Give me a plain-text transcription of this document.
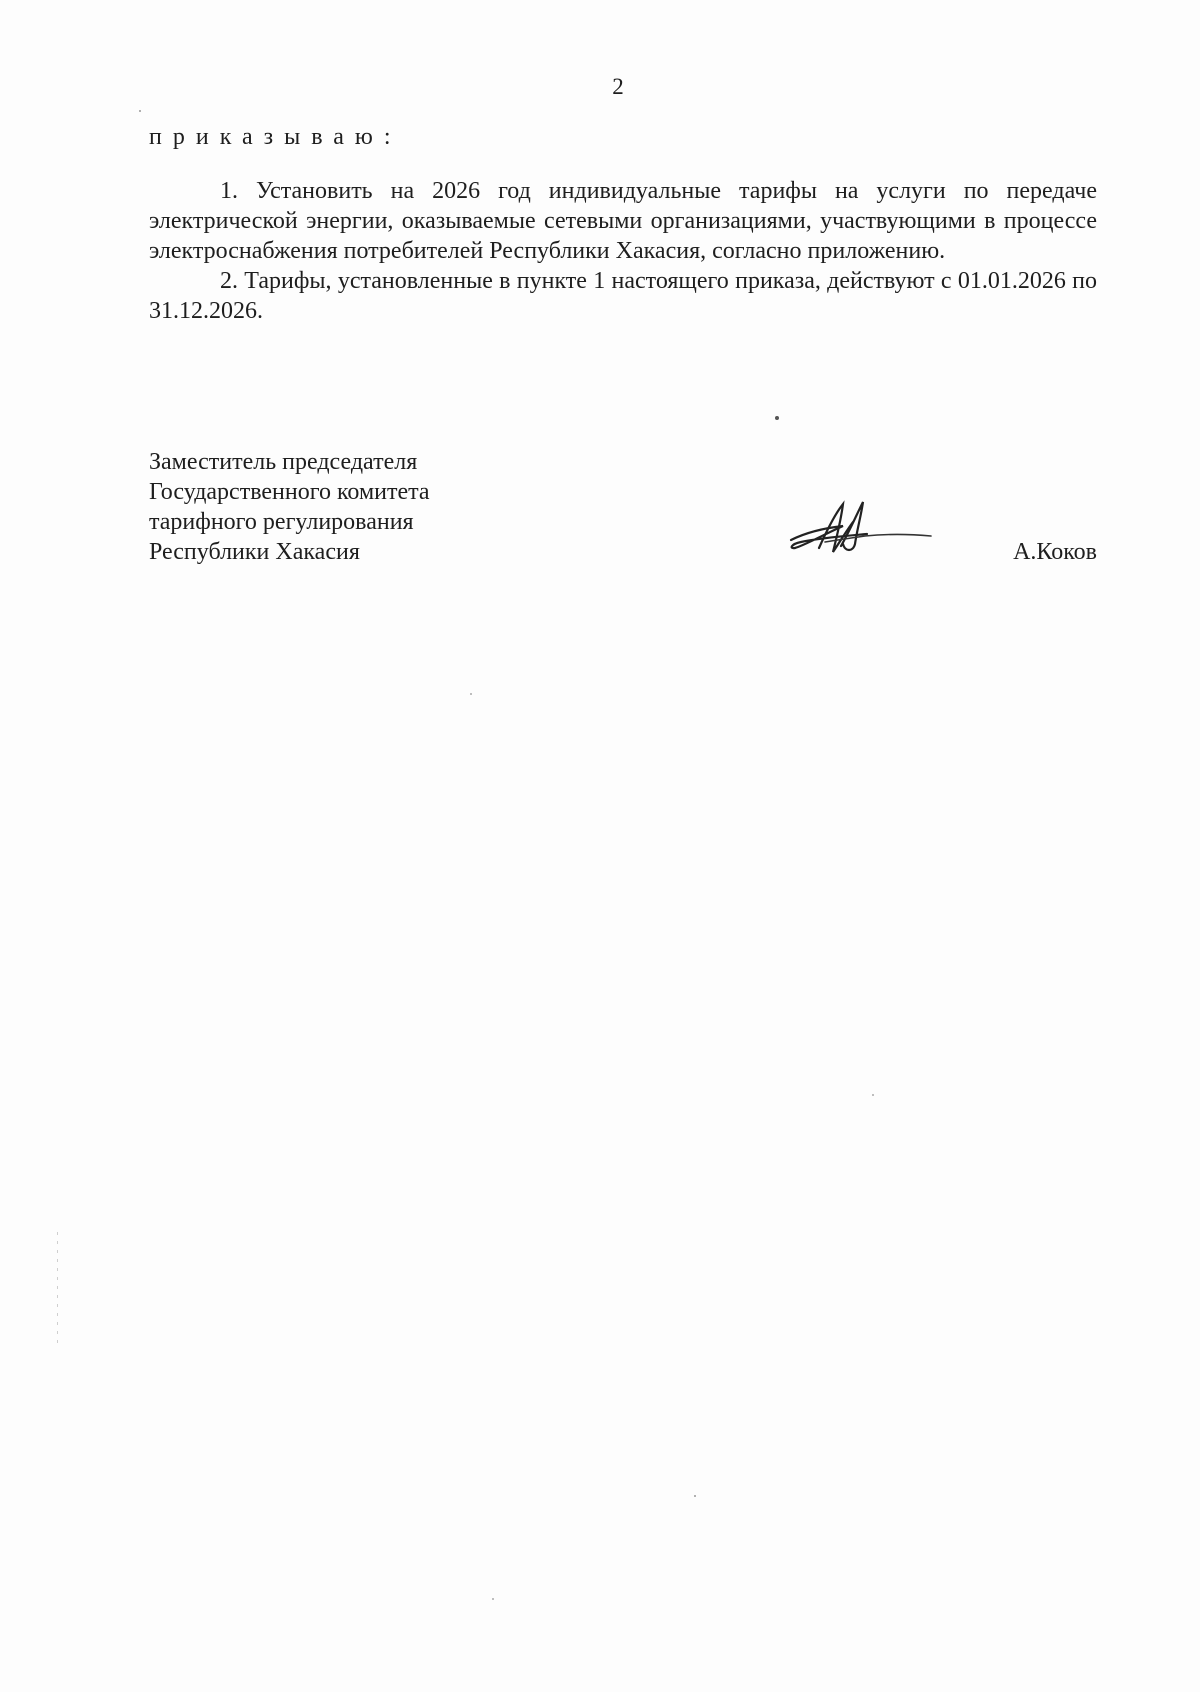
2
приказываю:

1. Установить на 2026 год индивидуальные тарифы на услуги по передаче электрической энергии, оказываемые сетевыми организациями, участвующими в процессе электроснабжения потребителей Республики Хакасия, согласно приложению.

2. Тарифы, установленные в пункте 1 настоящего приказа, действуют с 01.01.2026 по 31.12.2026.

Заместитель председателя
Государственного комитета
тарифного регулирования
Республики Хакасия	А.Коков
